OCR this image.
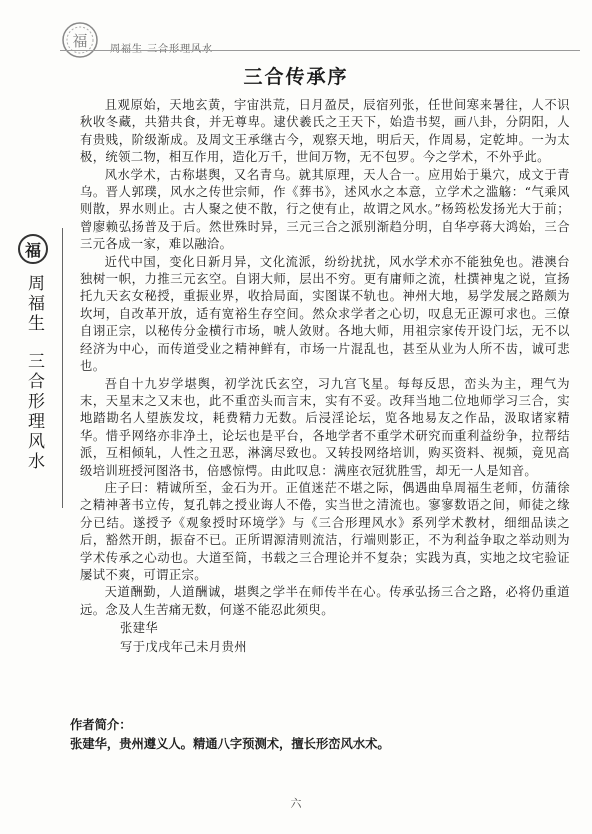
福 周福生 三合形理风水
福
周福生
三合形理风水
三合传承序

且观原始，天地玄黄，宇宙洪荒，日月盈昃，辰宿列张，任世间寒来暑往，人不识秋收冬藏，共猎共食，并无尊卑。逮伏羲氏之王天下，始造书契，画八卦，分阴阳，人有贵贱，阶级渐成。及周文王承继古今，观察天地，明后天，作周易，定乾坤。一为太极，统领二物，相互作用，造化万千，世间万物，无不包罗。今之学术，不外乎此。

风水学术，古称堪舆，又名青乌。就其原理，天人合一。应用始于巢穴，成文于青乌。晋人郭璞，风水之传世宗师，作《葬书》，述风水之本意，立学术之滥觞：“气乘风则散，界水则止。古人聚之使不散，行之使有止，故谓之风水。”杨筠松发扬光大于前；曾廖赖弘扬普及于后。然世殊时异，三元三合之派别渐趋分明，自华亭蒋大鸿始，三合三元各成一家，难以融洽。

近代中国，变化日新月异，文化流派，纷纷扰扰，风水学术亦不能独免也。港澳台独树一帜，力推三元玄空。自诩大师，层出不穷。更有庸师之流，杜撰神鬼之说，宣扬托九天玄女秘授，重振业界，收拾局面，实图谋不轨也。神州大地，易学发展之路颇为坎坷，自改革开放，适有宽裕生存空间。然众求学者之心切，叹息无正源可求也。三僚自诩正宗，以秘传分金横行市场，唬人敛财。各地大师，用祖宗家传开设门坛，无不以经济为中心，而传道受业之精神鲜有，市场一片混乱也，甚至从业为人所不齿，诚可悲也。

吾自十九岁学堪舆，初学沈氏玄空，习九宫飞星。每每反思，峦头为主，理气为末，天星末之又末也，此不重峦头而言末，实有不妥。改拜当地二位地师学习三合，实地踏勘名人望族发坟，耗费精力无数。后浸淫论坛，览各地易友之作品，汲取诸家精华。惜乎网络亦非净土，论坛也是平台，各地学者不重学术研究而重利益纷争，拉帮结派，互相倾轧，人性之丑恶，淋漓尽致也。又转投网络培训，购买资料、视频，竟见高级培训班授河图洛书，倍感惊愕。由此叹息：满座衣冠犹胜雪，却无一人是知音。

庄子曰：精诚所至，金石为开。正值迷茫不堪之际，偶遇曲阜周福生老师，仿蒲徐之精神著书立传，复孔韩之授业诲人不倦，实当世之清流也。寥寥数语之间，师徒之缘分已结。遂授予《观象授时环境学》与《三合形理风水》系列学术教材，细细品读之后，豁然开朗，振奋不已。正所谓源清则流洁，行端则影正，不为利益争取之举动则为学术传承之心动也。大道至简，书载之三合理论并不复杂；实践为真，实地之坟宅验证屡试不爽，可谓正宗。

天道酬勤，人道酬诚，堪舆之学半在师传半在心。传承弘扬三合之路，必将仍重道远。念及人生苦痛无数，何遂不能忍此须臾。

张建华
写于戊戌年己未月贵州
作者简介：
张建华，贵州遵义人。精通八字预测术，擅长形峦风水术。
六
